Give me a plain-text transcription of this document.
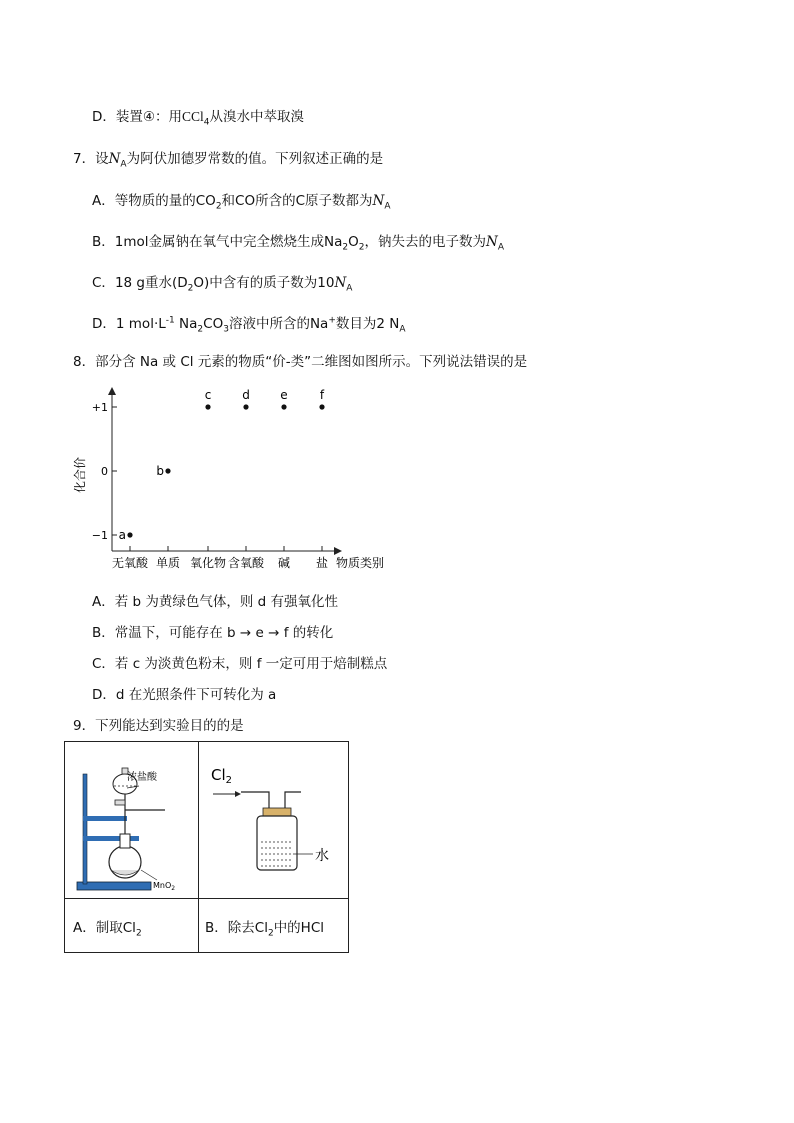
D．装置④：用CCl$_4$从溴水中萃取溴
7．设$N_A$为阿伏加德罗常数的值。下列叙述正确的是
A．等物质的量的$CO_2$和CO所含的C原子数都为$N_A$
B．1mol金属钠在氧气中完全燃烧生成$Na_2O_2$，钠失去的电子数为$N_A$
C．18 g重水$(D_2O)$中含有的质子数为$10N_A$
D．1 $mol\cdot L^{-1}$ $Na_2CO_3$溶液中所含的Na+数目为2 $N_A$
8．部分含 Na 或 Cl 元素的物质“价-类”二维图如图所示。下列说法错误的是
化合价
物质类别
+1
0
−1
无氧酸 单质 氧化物 含氧酸 碱 盐
a
b
c	d	e	f
A．若 b 为黄绿色气体，则 d 有强氧化性
B．常温下，可能存在 b → e → f 的转化
C．若 c 为淡黄色粉末，则 f 一定可用于焙制糕点
D．d 在光照条件下可转化为 a
9．下列能达到实验目的的是
浓盐酸
MnO$_2$
$Cl_2$
水
A．制取$Cl_2$	B．除去$Cl_2$中的HCl
